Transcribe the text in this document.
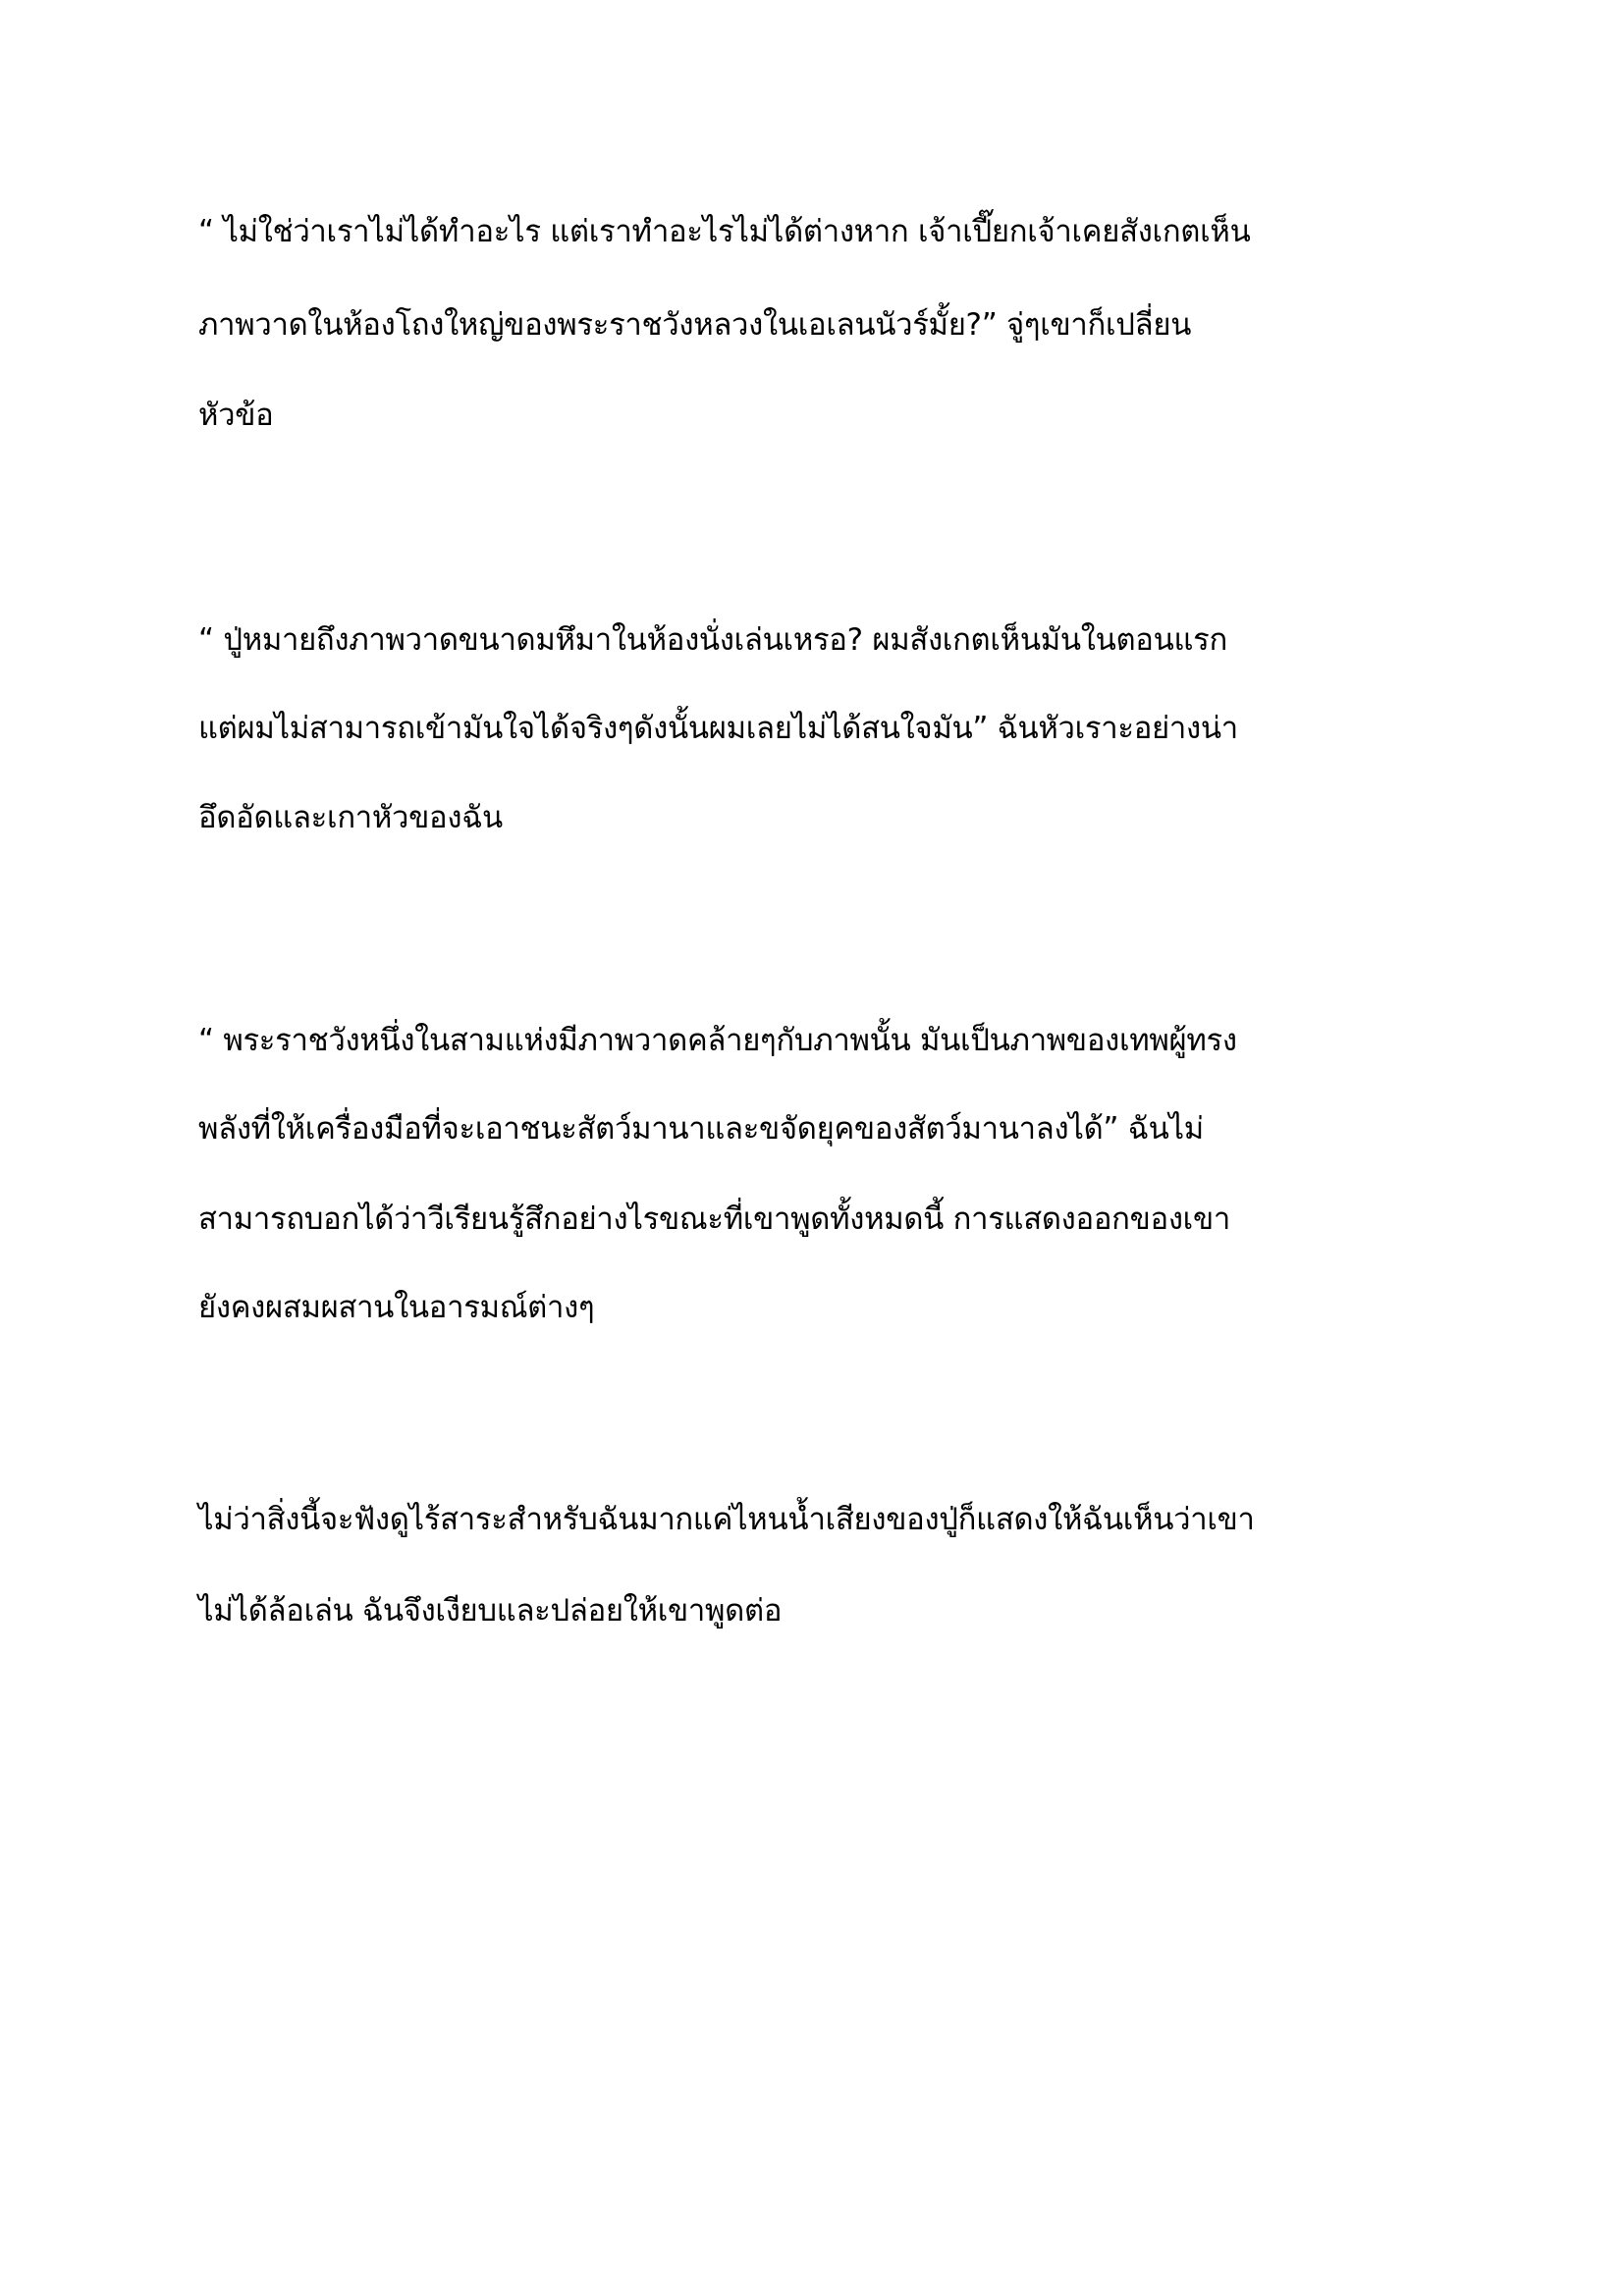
“ ไม่ใช่ว่าเราไม่ได้ทำอะไร แต่เราทำอะไรไม่ได้ต่างหาก เจ้าเปี๊ยกเจ้าเคยสังเกตเห็น

ภาพวาดในห้องโถงใหญ่ของพระราชวังหลวงในเอเลนนัวร์มั้ย?” จู่ๆเขาก็เปลี่ยน

หัวข้อ

“ ปู่หมายถึงภาพวาดขนาดมหึมาในห้องนั่งเล่นเหรอ? ผมสังเกตเห็นมันในตอนแรก

แต่ผมไม่สามารถเข้ามันใจได้จริงๆดังนั้นผมเลยไม่ได้สนใจมัน” ฉันหัวเราะอย่างน่า

อึดอัดและเกาหัวของฉัน

“ พระราชวังหนึ่งในสามแห่งมีภาพวาดคล้ายๆกับภาพนั้น มันเป็นภาพของเทพผู้ทรง

พลังที่ให้เครื่องมือที่จะเอาชนะสัตว์มานาและขจัดยุคของสัตว์มานาลงได้” ฉันไม่

สามารถบอกได้ว่าวีเรียนรู้สึกอย่างไรขณะที่เขาพูดทั้งหมดนี้ การแสดงออกของเขา

ยังคงผสมผสานในอารมณ์ต่างๆ

ไม่ว่าสิ่งนี้จะฟังดูไร้สาระสำหรับฉันมากแค่ไหนน้ำเสียงของปู่ก็แสดงให้ฉันเห็นว่าเขา

ไม่ได้ล้อเล่น ฉันจึงเงียบและปล่อยให้เขาพูดต่อ
